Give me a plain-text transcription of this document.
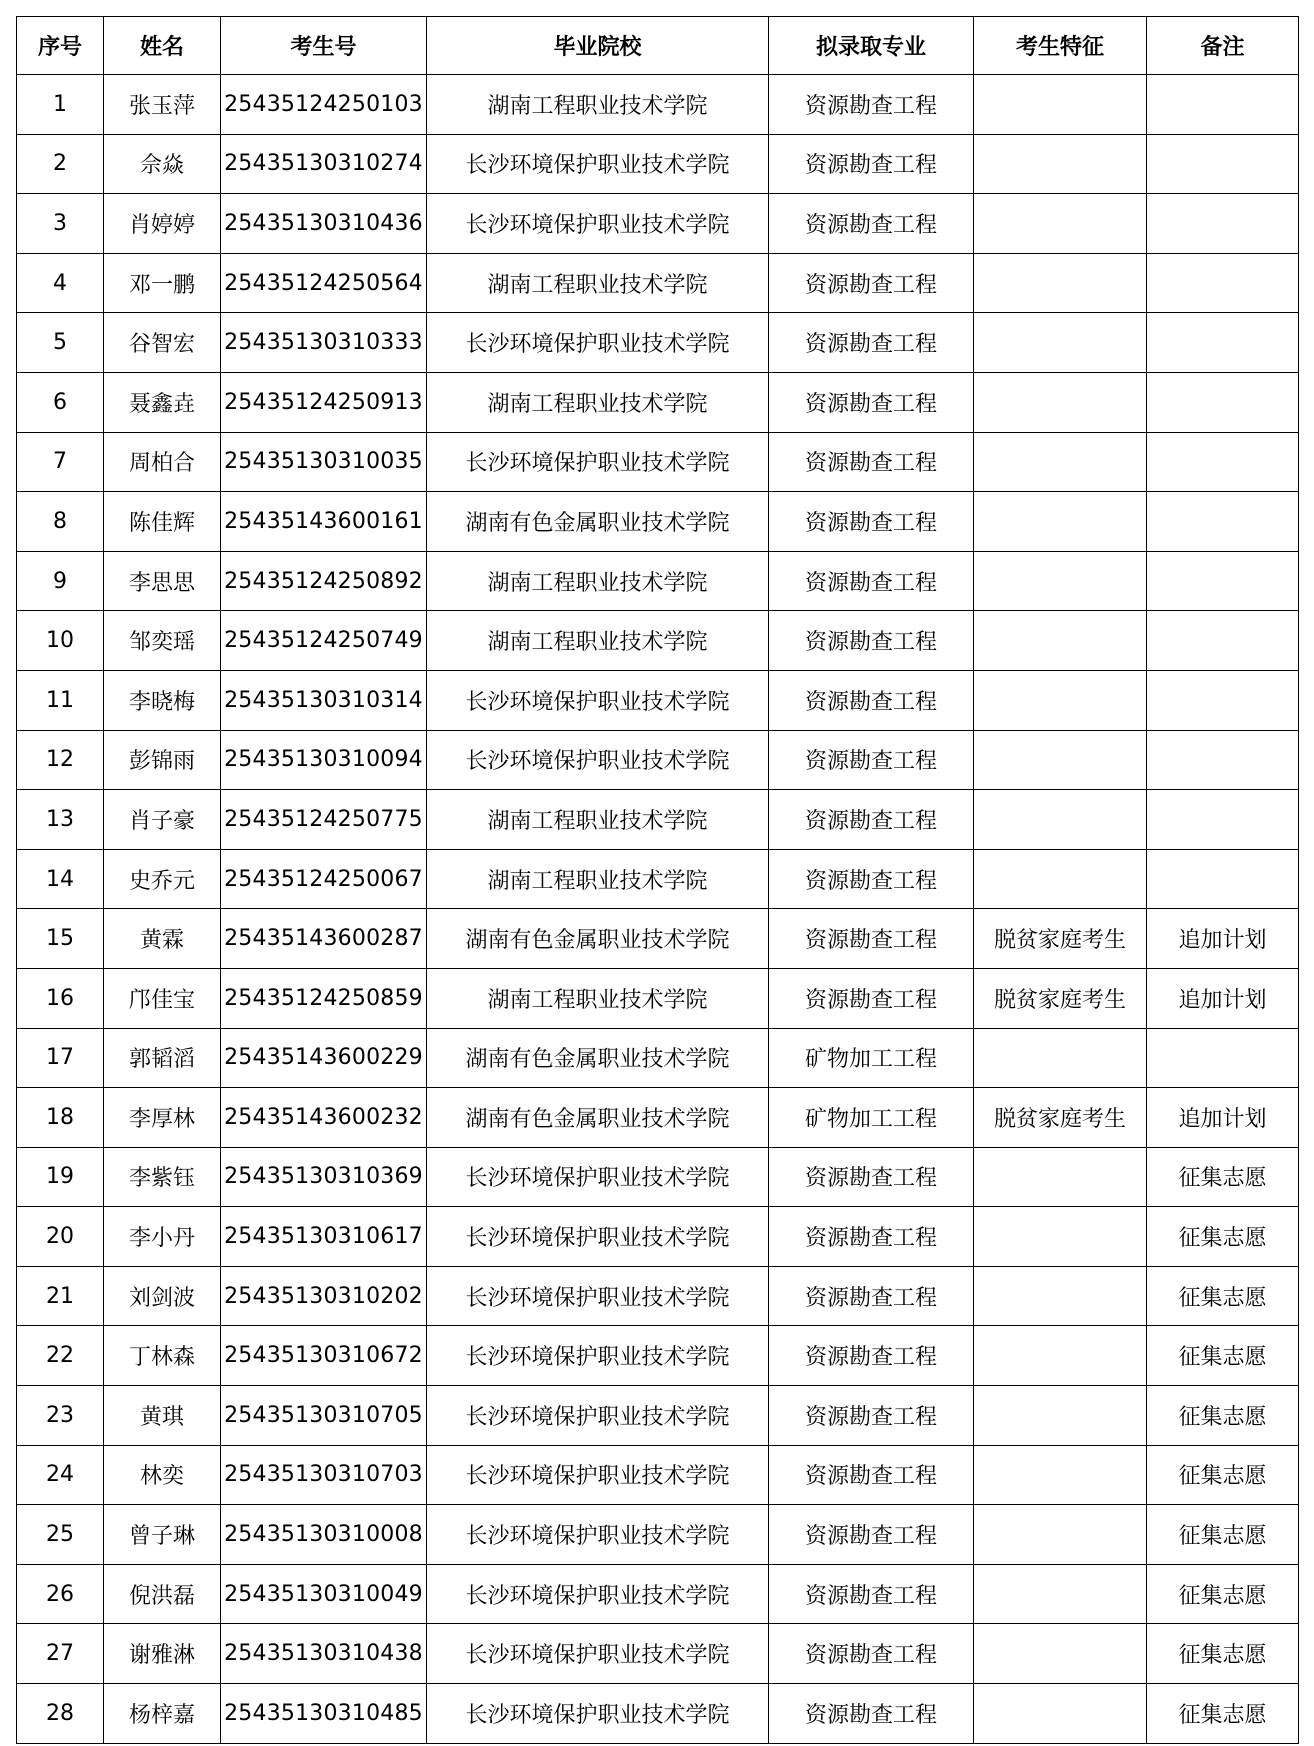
序号	姓名	考生号	毕业院校	拟录取专业	考生特征	备注
1	张玉萍	25435124250103	湖南工程职业技术学院	资源勘查工程		
2	佘焱	25435130310274	长沙环境保护职业技术学院	资源勘查工程		
3	肖婷婷	25435130310436	长沙环境保护职业技术学院	资源勘查工程		
4	邓一鹏	25435124250564	湖南工程职业技术学院	资源勘查工程		
5	谷智宏	25435130310333	长沙环境保护职业技术学院	资源勘查工程		
6	聂鑫垚	25435124250913	湖南工程职业技术学院	资源勘查工程		
7	周柏合	25435130310035	长沙环境保护职业技术学院	资源勘查工程		
8	陈佳辉	25435143600161	湖南有色金属职业技术学院	资源勘查工程		
9	李思思	25435124250892	湖南工程职业技术学院	资源勘查工程		
10	邹奕瑶	25435124250749	湖南工程职业技术学院	资源勘查工程		
11	李晓梅	25435130310314	长沙环境保护职业技术学院	资源勘查工程		
12	彭锦雨	25435130310094	长沙环境保护职业技术学院	资源勘查工程		
13	肖子豪	25435124250775	湖南工程职业技术学院	资源勘查工程		
14	史乔元	25435124250067	湖南工程职业技术学院	资源勘查工程		
15	黄霖	25435143600287	湖南有色金属职业技术学院	资源勘查工程	脱贫家庭考生	追加计划
16	邝佳宝	25435124250859	湖南工程职业技术学院	资源勘查工程	脱贫家庭考生	追加计划
17	郭韬滔	25435143600229	湖南有色金属职业技术学院	矿物加工工程		
18	李厚林	25435143600232	湖南有色金属职业技术学院	矿物加工工程	脱贫家庭考生	追加计划
19	李紫钰	25435130310369	长沙环境保护职业技术学院	资源勘查工程		征集志愿
20	李小丹	25435130310617	长沙环境保护职业技术学院	资源勘查工程		征集志愿
21	刘剑波	25435130310202	长沙环境保护职业技术学院	资源勘查工程		征集志愿
22	丁林森	25435130310672	长沙环境保护职业技术学院	资源勘查工程		征集志愿
23	黄琪	25435130310705	长沙环境保护职业技术学院	资源勘查工程		征集志愿
24	林奕	25435130310703	长沙环境保护职业技术学院	资源勘查工程		征集志愿
25	曾子琳	25435130310008	长沙环境保护职业技术学院	资源勘查工程		征集志愿
26	倪洪磊	25435130310049	长沙环境保护职业技术学院	资源勘查工程		征集志愿
27	谢雅淋	25435130310438	长沙环境保护职业技术学院	资源勘查工程		征集志愿
28	杨梓嘉	25435130310485	长沙环境保护职业技术学院	资源勘查工程		征集志愿
